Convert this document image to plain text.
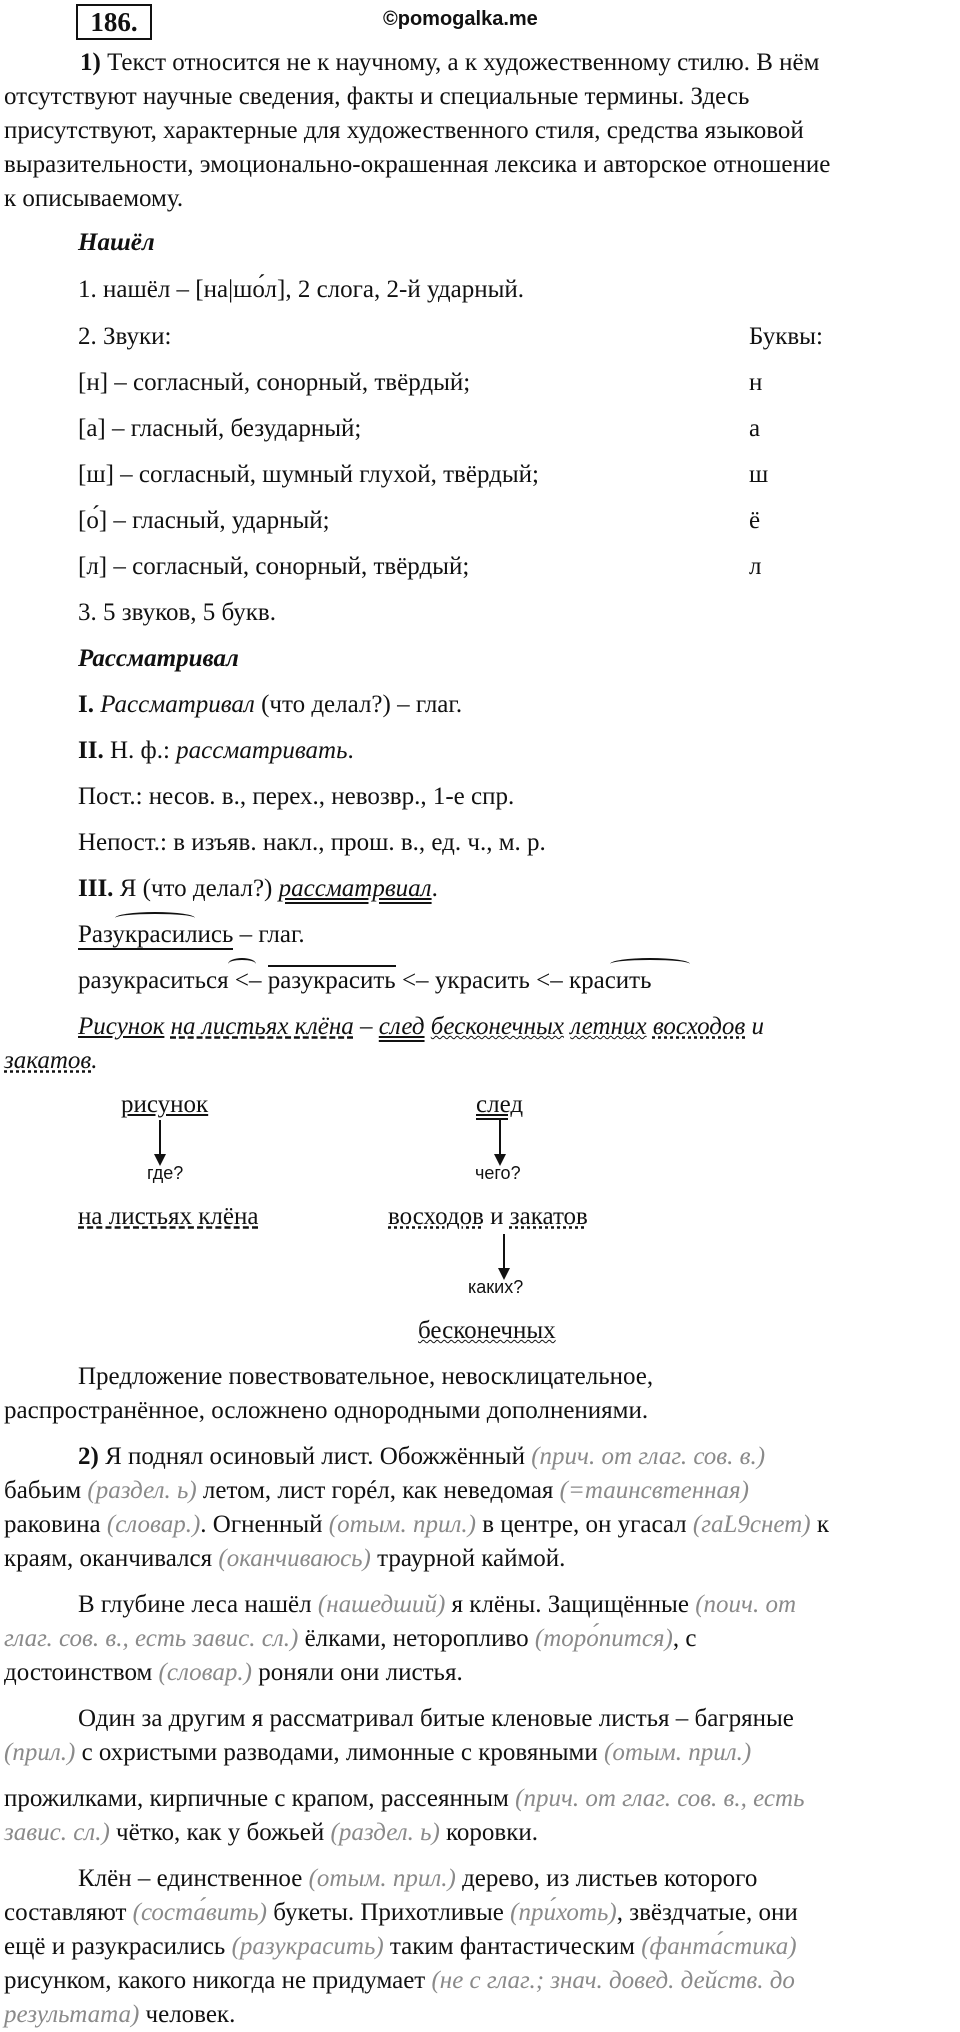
186.	©pomogalka.me
1) Текст относится не к научному, а к художественному стилю. В нём
отсутствуют научные сведения, факты и специальные термины. Здесь
присутствуют, характерные для художественного стиля, средства языковой
выразительности, эмоционально-окрашенная лексика и авторское отношение
к описываемому.
Нашёл
1. нашёл – [на|шо́л], 2 слога, 2-й ударный.
2. Звуки:	Буквы:
[н] – согласный, сонорный, твёрдый;	н
[а] – гласный, безударный;	а
[ш] – согласный, шумный глухой, твёрдый;	ш
[о́] – гласный, ударный;	ё
[л] – согласный, сонорный, твёрдый;	л
3. 5 звуков, 5 букв.
Рассматривал
I. Рассматривал (что делал?) – глаг.
II. Н. ф.: рассматривать.
Пост.: несов. в., перех., невозвр., 1-е спр.
Непост.: в изъяв. накл., прош. в., ед. ч., м. р.
III. Я (что делал?) рассматрвиал.
Разукрасились – глаг.
разукраситься <– разукрасить <– украсить <– красить
Рисунок на листьях клёна – след бесконечных летних восходов и
закатов.
рисунок
где?
на листьях клёна
след
чего?
восходов и закатов
каких?
бесконечных
Предложение повествовательное, невосклицательное,
распространённое, осложнено однородными дополнениями.
2) Я поднял осиновый лист. Обожжённый (прич. от глаг. сов. в.)
бабьим (раздел. ь) летом, лист горéл, как неведомая (=таинсвтенная)
раковина (словар.). Огненный (отым. прил.) в центре, он угасал (гаL9снет) к
краям, оканчивался (оканчиваюсь) траурной каймой.
В глубине леса нашёл (нашедший) я клёны. Защищённые (поич. от
глаг. сов. в., есть завис. сл.) ёлками, неторопливо (торо́пится), с
достоинством (словар.) роняли они листья.
Один за другим я рассматривал битые кленовые листья – багряные
(прил.) с охристыми разводами, лимонные с кровяными (отым. прил.)
прожилками, кирпичные с крапом, рассеянным (прич. от глаг. сов. в., есть
завис. сл.) чётко, как у божьей (раздел. ь) коровки.
Клён – единственное (отым. прил.) дерево, из листьев которого
составляют (соста́вить) букеты. Прихотливые (при́хоть), звёздчатые, они
ещё и разукрасились (разукрасить) таким фантастическим (фанта́стика)
рисунком, какого никогда не придумает (не с глаг.; знач. довед. действ. до
результата) человек.
